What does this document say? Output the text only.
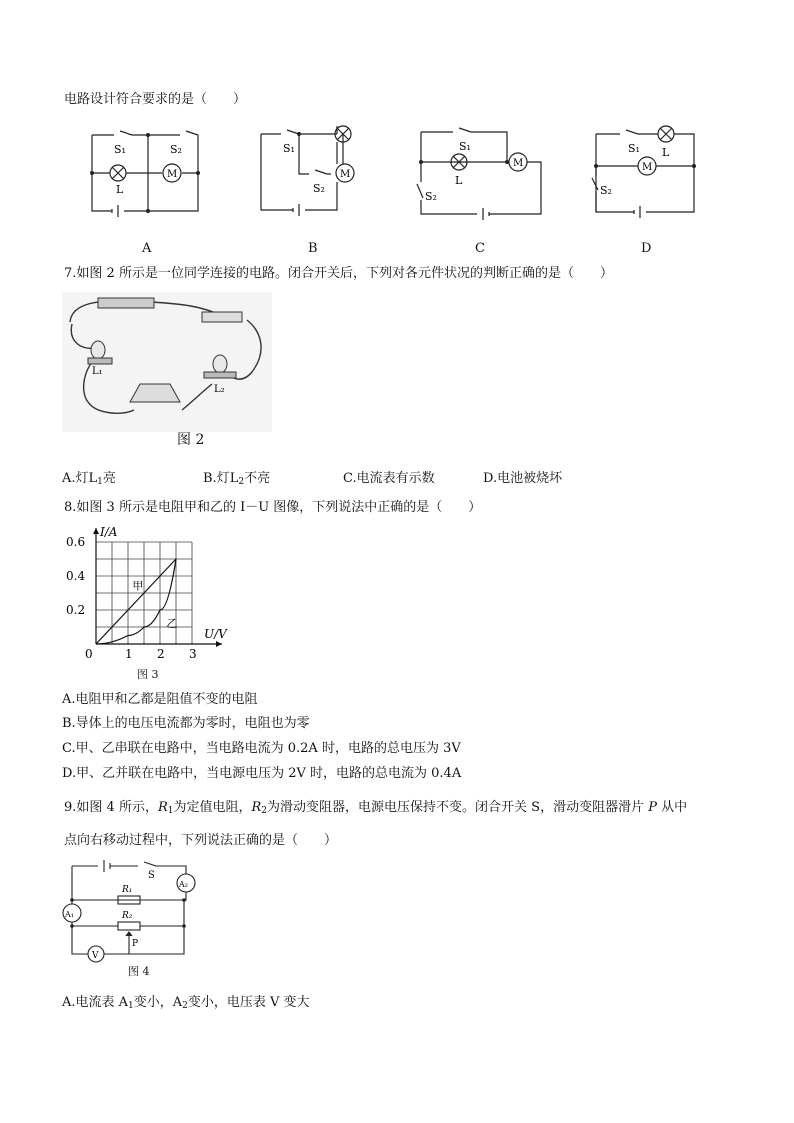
电路设计符合要求的是（　　）
S₁	S₂
L
M
A
S₁
S₂
M
B
S₁
L
S₂
M
C
S₁ L
S₂
M
D
7.如图 2 所示是一位同学连接的电路。闭合开关后，下列对各元件状况的判断正确的是（　　）
L₁
L₂
图 2
A.灯$L_1$亮	B.灯$L_2$不亮	C.电流表有示数	D.电池被烧坏
8.如图 3 所示是电阻甲和乙的 I－U 图像，下列说法中正确的是（　　）
0	1 2 3
0.2
0.4
0.6
U/V
I/A
甲
乙
图 3
A.电阻甲和乙都是阻值不变的电阻
B.导体上的电压电流都为零时，电阻也为零
C.甲、乙串联在电路中，当电路电流为 0.2A 时，电路的总电压为 3V
D.甲、乙并联在电路中，当电源电压为 2V 时，电路的总电流为 0.4A
9.如图 4 所示，$R_1$为定值电阻，$R_2$为滑动变阻器，电源电压保持不变。闭合开关 S，滑动变阻器滑片 P 从中
点向右移动过程中，下列说法正确的是（　　）
S
A₂
A₁
R₁
R₂
V
P
图 4
A.电流表 $A_1$变小，$A_2$变小，电压表 V 变大
